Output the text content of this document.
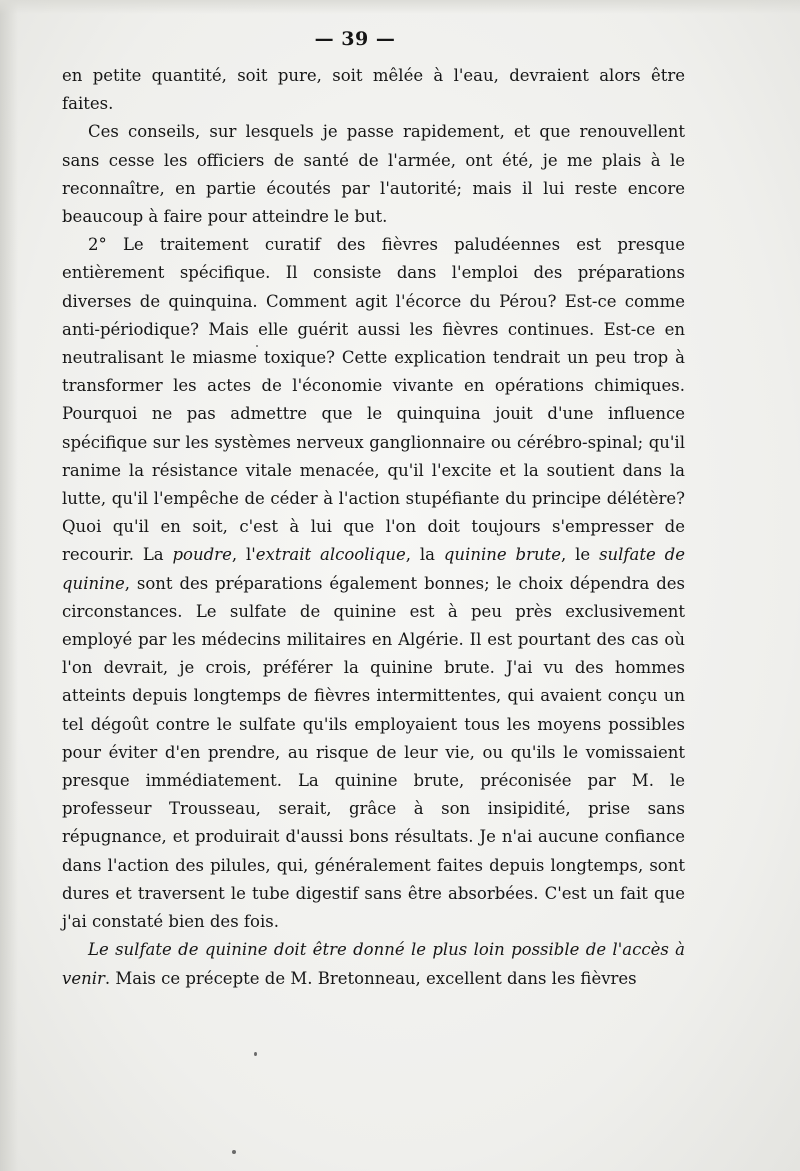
— 39 —

en petite quantité, soit pure, soit mêlée à l'eau, devraient alors être faites.

Ces conseils, sur lesquels je passe rapidement, et que renouvellent sans cesse les officiers de santé de l'armée, ont été, je me plais à le reconnaître, en partie écoutés par l'autorité; mais il lui reste encore beaucoup à faire pour atteindre le but.

2° Le traitement curatif des fièvres paludéennes est presque entièrement spécifique. Il consiste dans l'emploi des préparations diverses de quinquina. Comment agit l'écorce du Pérou? Est-ce comme anti-périodique? Mais elle guérit aussi les fièvres continues. Est-ce en neutralisant le miasme toxique? Cette explication tendrait un peu trop à transformer les actes de l'économie vivante en opérations chimiques. Pourquoi ne pas admettre que le quinquina jouit d'une influence spécifique sur les systèmes nerveux ganglionnaire ou cérébro-spinal; qu'il ranime la résistance vitale menacée, qu'il l'excite et la soutient dans la lutte, qu'il l'empêche de céder à l'action stupéfiante du principe délétère? Quoi qu'il en soit, c'est à lui que l'on doit toujours s'empresser de recourir. La poudre, l'extrait alcoolique, la quinine brute, le sulfate de quinine, sont des préparations également bonnes; le choix dépendra des circonstances. Le sulfate de quinine est à peu près exclusivement employé par les médecins militaires en Algérie. Il est pourtant des cas où l'on devrait, je crois, préférer la quinine brute. J'ai vu des hommes atteints depuis longtemps de fièvres intermittentes, qui avaient conçu un tel dégoût contre le sulfate qu'ils employaient tous les moyens possibles pour éviter d'en prendre, au risque de leur vie, ou qu'ils le vomissaient presque immédiatement. La quinine brute, préconisée par M. le professeur Trousseau, serait, grâce à son insipidité, prise sans répugnance, et produirait d'aussi bons résultats. Je n'ai aucune confiance dans l'action des pilules, qui, généralement faites depuis longtemps, sont dures et traversent le tube digestif sans être absorbées. C'est un fait que j'ai constaté bien des fois.

Le sulfate de quinine doit être donné le plus loin possible de l'accès à venir. Mais ce précepte de M. Bretonneau, excellent dans les fièvres
